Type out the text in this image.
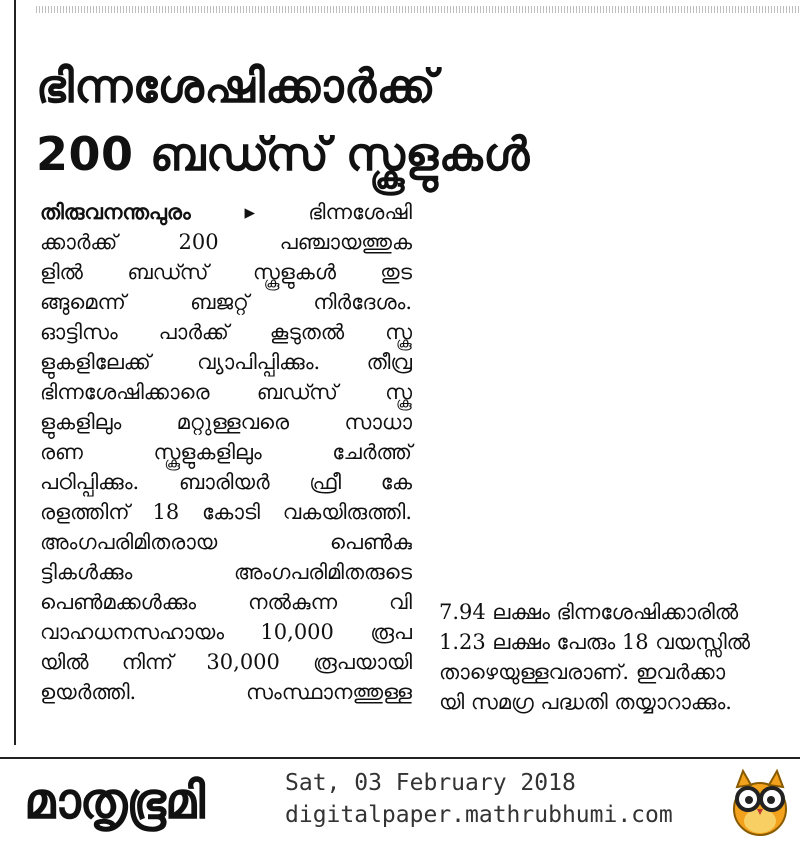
ഭിന്നശേഷിക്കാർക്ക്
200 ബഡ്സ് സ്കൂളുകൾ
തിരുവനന്തപുരം ▸	ഭിന്നശേഷി
ക്കാർക്ക് 200 പഞ്ചായത്തുക
ളിൽ ബഡ്സ് സ്കൂളുകൾ തുട
ങ്ങുമെന്ന് ബജറ്റ് നിർദേശം.
ഓട്ടിസം പാർക്ക് കൂടുതൽ സ്കൂ
ളുകളിലേക്ക് വ്യാപിപ്പിക്കും. തീവ്ര
ഭിന്നശേഷിക്കാരെ ബഡ്സ് സ്കൂ
ളുകളിലും മറ്റുള്ളവരെ സാധാ
രണ സ്കൂളുകളിലും ചേർത്ത്
പഠിപ്പിക്കും. ബാരിയർ ഫ്രീ കേ
രളത്തിന് 18 കോടി വകയിരുത്തി.
അംഗപരിമിതരായ പെൺകു
ട്ടികൾക്കും അംഗപരിമിതരുടെ
പെൺമക്കൾക്കും നൽകുന്ന വി
വാഹധനസഹായം 10,000 രൂപ
യിൽ നിന്ന് 30,000 രൂപയായി
ഉയർത്തി. സംസ്ഥാനത്തുള്ള
7.94 ലക്ഷം ഭിന്നശേഷിക്കാരിൽ
1.23 ലക്ഷം പേരും 18 വയസ്സിൽ
താഴെയുള്ളവരാണ്. ഇവർക്കാ
യി സമഗ്ര പദ്ധതി തയ്യാറാക്കും.
മാതൃഭൂമി	Sat, 03 February 2018
digitalpaper.mathrubhumi.com
